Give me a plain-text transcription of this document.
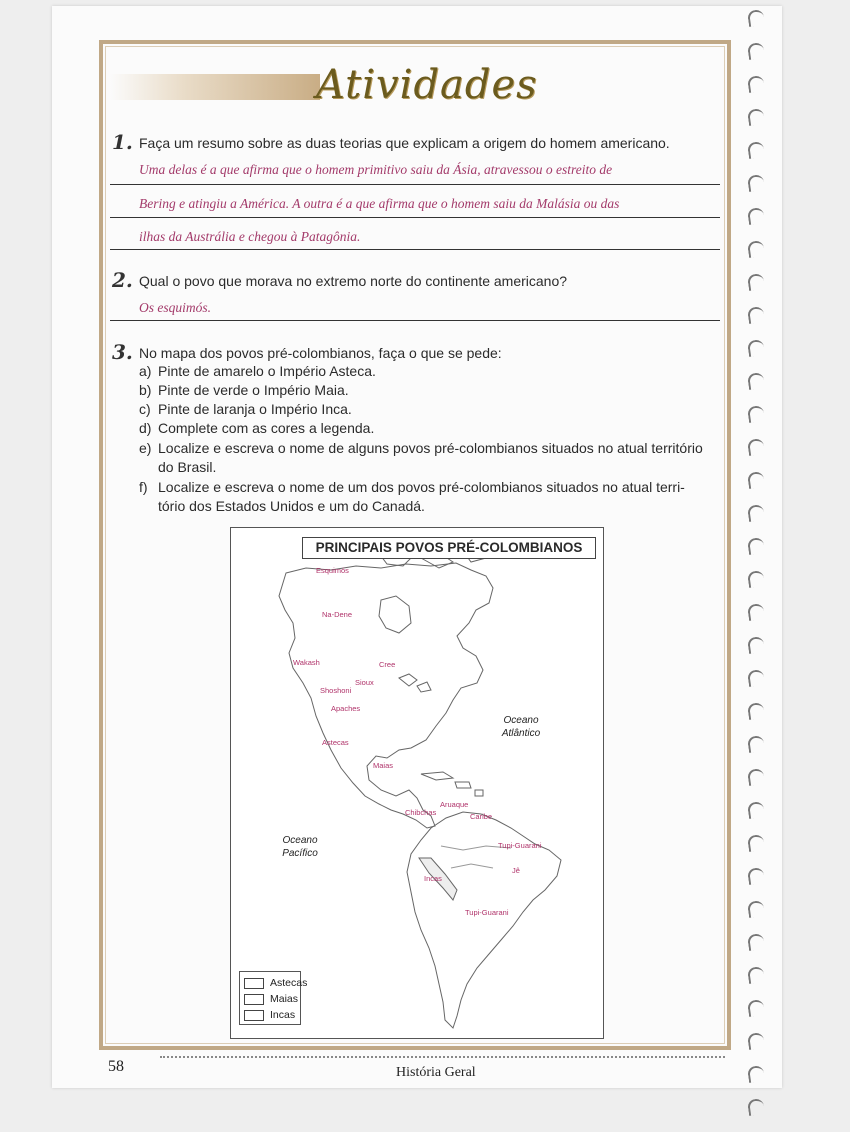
Atividades
1. Faça um resumo sobre as duas teorias que explicam a origem do homem americano.
Uma delas é a que afirma que o homem primitivo saiu da Ásia, atravessou o estreito de
Bering e atingiu a América. A outra é a que afirma que o homem saiu da Malásia ou das
ilhas da Austrália e chegou à Patagônia.
2. Qual o povo que morava no extremo norte do continente americano?
Os esquimós.
3. No mapa dos povos pré-colombianos, faça o que se pede:
a) Pinte de amarelo o Império Asteca.
b) Pinte de verde o Império Maia.
c) Pinte de laranja o Império Inca.
d) Complete com as cores a legenda.
e) Localize e escreva o nome de alguns povos pré-colombianos situados no atual território
do Brasil.
f) Localize e escreva o nome de um dos povos pré-colombianos situados no atual terri-
tório dos Estados Unidos e um do Canadá.
PRINCIPAIS POVOS PRÉ-COLOMBIANOS
Esquimós
Na-Dene
Wakash	Cree
Sioux
Shoshoni
Apaches
Astecas
Maias
Aruaque
Chibchas	Caribe
Tupi-Guarani
Jê
Incas
Tupi-Guarani
Oceano
Atlântico
Oceano
Pacífico
Astecas
Maias
Incas
58	História Geral
